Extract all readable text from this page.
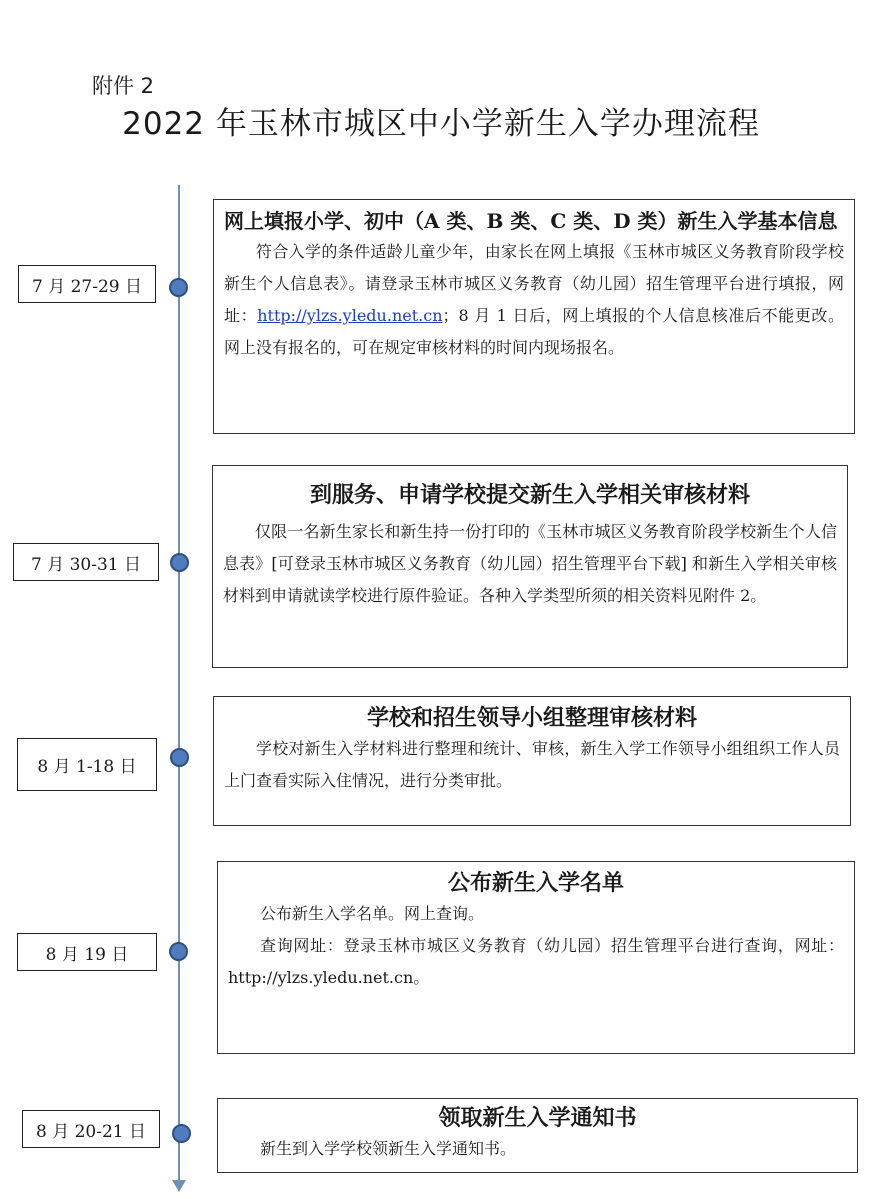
附件 2
2022 年玉林市城区中小学新生入学办理流程
7 月 27-29 日
网上填报小学、初中（A 类、B 类、C 类、D 类）新生入学基本信息

符合入学的条件适龄儿童少年，由家长在网上填报《玉林市城区义务教育阶段学校新生个人信息表》。请登录玉林市城区义务教育（幼儿园）招生管理平台进行填报，网址：http://ylzs.yledu.net.cn；8 月 1 日后，网上填报的个人信息核准后不能更改。网上没有报名的，可在规定审核材料的时间内现场报名。

7 月 30-31 日
到服务、申请学校提交新生入学相关审核材料

仅限一名新生家长和新生持一份打印的《玉林市城区义务教育阶段学校新生个人信息表》[可登录玉林市城区义务教育（幼儿园）招生管理平台下载] 和新生入学相关审核材料到申请就读学校进行原件验证。各种入学类型所须的相关资料见附件 2。

8 月 1-18 日
学校和招生领导小组整理审核材料

学校对新生入学材料进行整理和统计、审核，新生入学工作领导小组组织工作人员上门查看实际入住情况，进行分类审批。

8 月 19 日
公布新生入学名单

公布新生入学名单。网上查询。

查询网址：登录玉林市城区义务教育（幼儿园）招生管理平台进行查询，网址：http://ylzs.yledu.net.cn。

8 月 20-21 日
领取新生入学通知书

新生到入学学校领新生入学通知书。
